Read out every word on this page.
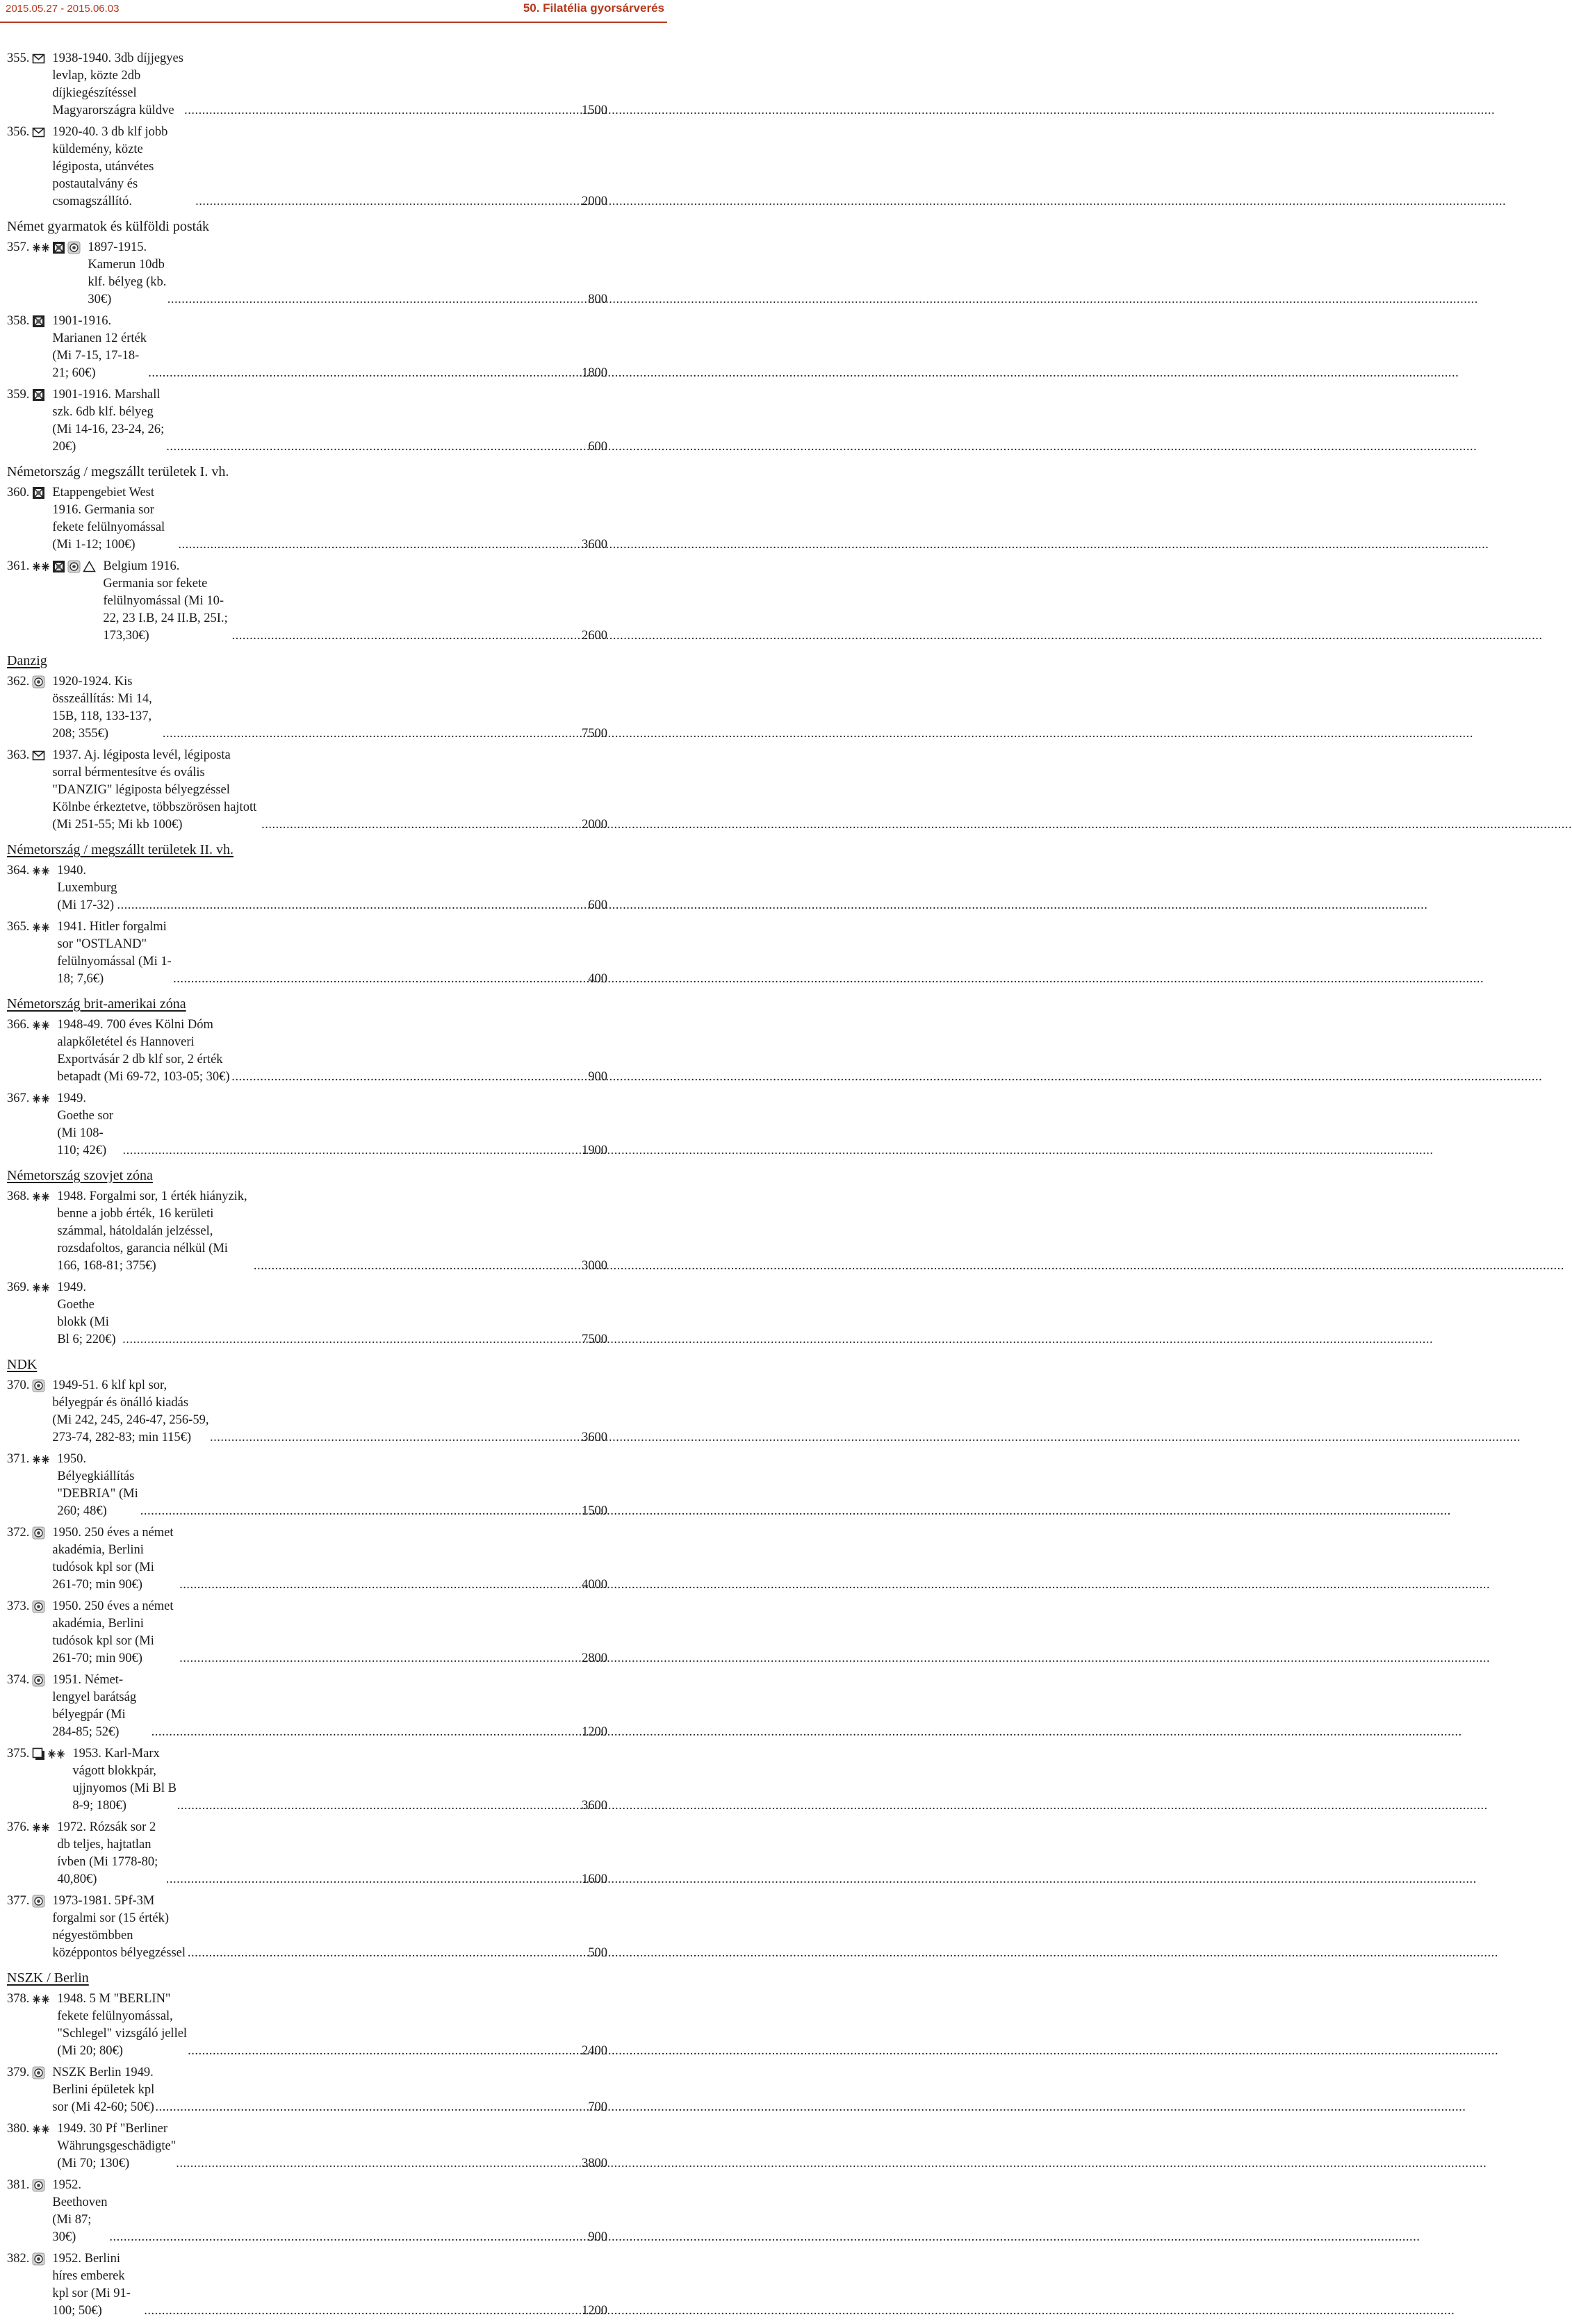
2015.05.27 - 2015.06.03	50. Filatélia gyorsárverés
355. 1938-1940. 3db díjjegyes levlap, közte 2db díjkiegészítéssel Magyarországra küldve .....	1500
356. 1920-40. 3 db klf jobb küldemény, közte légiposta, utánvétes postautalvány és csomagszállító. .....	2000
Német gyarmatok és külföldi posták
357.	1897-1915. Kamerun 10db klf. bélyeg (kb. 30€) .....	800
358. 1901-1916. Marianen 12 érték (Mi 7-15, 17-18-21; 60€) .....	1800
359. 1901-1916. Marshall szk. 6db klf. bélyeg (Mi 14-16, 23-24, 26; 20€) .....	600
Németország / megszállt területek I. vh.
360. Etappengebiet West 1916. Germania sor fekete felülnyomással (Mi 1-12; 100€) .....	3600
361.	Belgium 1916. Germania sor fekete felülnyomással (Mi 10-22, 23 I.B, 24 II.B, 25I.; 173,30€) .....	2600
Danzig
362. 1920-1924. Kis összeállítás: Mi 14, 15B, 118, 133-137, 208; 355€) .....	7500
363. 1937. Aj. légiposta levél, légiposta sorral bérmentesítve és ovális "DANZIG" légiposta bélyegzéssel Kölnbe érkeztetve, többszörösen hajtott (Mi 251-55; Mi kb 100€) .....	2000
Németország / megszállt területek II. vh.
364. 1940. Luxemburg (Mi 17-32) .....	600
365. 1941. Hitler forgalmi sor "OSTLAND" felülnyomással (Mi 1-18; 7,6€) .....	400
Németország brit-amerikai zóna
366. 1948-49. 700 éves Kölni Dóm alapkőletétel és Hannoveri Exportvásár 2 db klf sor, 2 érték betapadt (Mi 69-72, 103-05; 30€) .....	900
367. 1949. Goethe sor (Mi 108-110; 42€) .....	1900
Németország szovjet zóna
368. 1948. Forgalmi sor, 1 érték hiányzik, benne a jobb érték, 16 kerületi számmal, hátoldalán jelzéssel, rozsdafoltos, garancia nélkül (Mi 166, 168-81; 375€) .....	3000
369. 1949. Goethe blokk (Mi Bl 6; 220€) .....	7500
NDK
370. 1949-51. 6 klf kpl sor, bélyegpár és önálló kiadás (Mi 242, 245, 246-47, 256-59, 273-74, 282-83; min 115€) .....	3600
371. 1950. Bélyegkiállítás "DEBRIA" (Mi 260; 48€) .....	1500
372. 1950. 250 éves a német akadémia, Berlini tudósok kpl sor (Mi 261-70; min 90€) .....	4000
373. 1950. 250 éves a német akadémia, Berlini tudósok kpl sor (Mi 261-70; min 90€) .....	2800
374. 1951. Német-lengyel barátság bélyegpár (Mi 284-85; 52€) .....	1200
375.	1953. Karl-Marx vágott blokkpár, ujjnyomos (Mi Bl B 8-9; 180€) .....	3600
376. 1972. Rózsák sor 2 db teljes, hajtatlan ívben (Mi 1778-80; 40,80€) .....	1600
377. 1973-1981. 5Pf-3M forgalmi sor (15 érték) négyestömbben középpontos bélyegzéssel .....	500
NSZK / Berlin
378. 1948. 5 M "BERLIN" fekete felülnyomással, "Schlegel" vizsgáló jellel (Mi 20; 80€) .....	2400
379. NSZK Berlin 1949. Berlini épületek kpl sor (Mi 42-60; 50€) .....	700
380. 1949. 30 Pf "Berliner Währungsgeschädigte" (Mi 70; 130€) .....	3800
381. 1952. Beethoven (Mi 87; 30€) .....	900
382. 1952. Berlini híres emberek kpl sor (Mi 91-100; 50€) .....	1200
